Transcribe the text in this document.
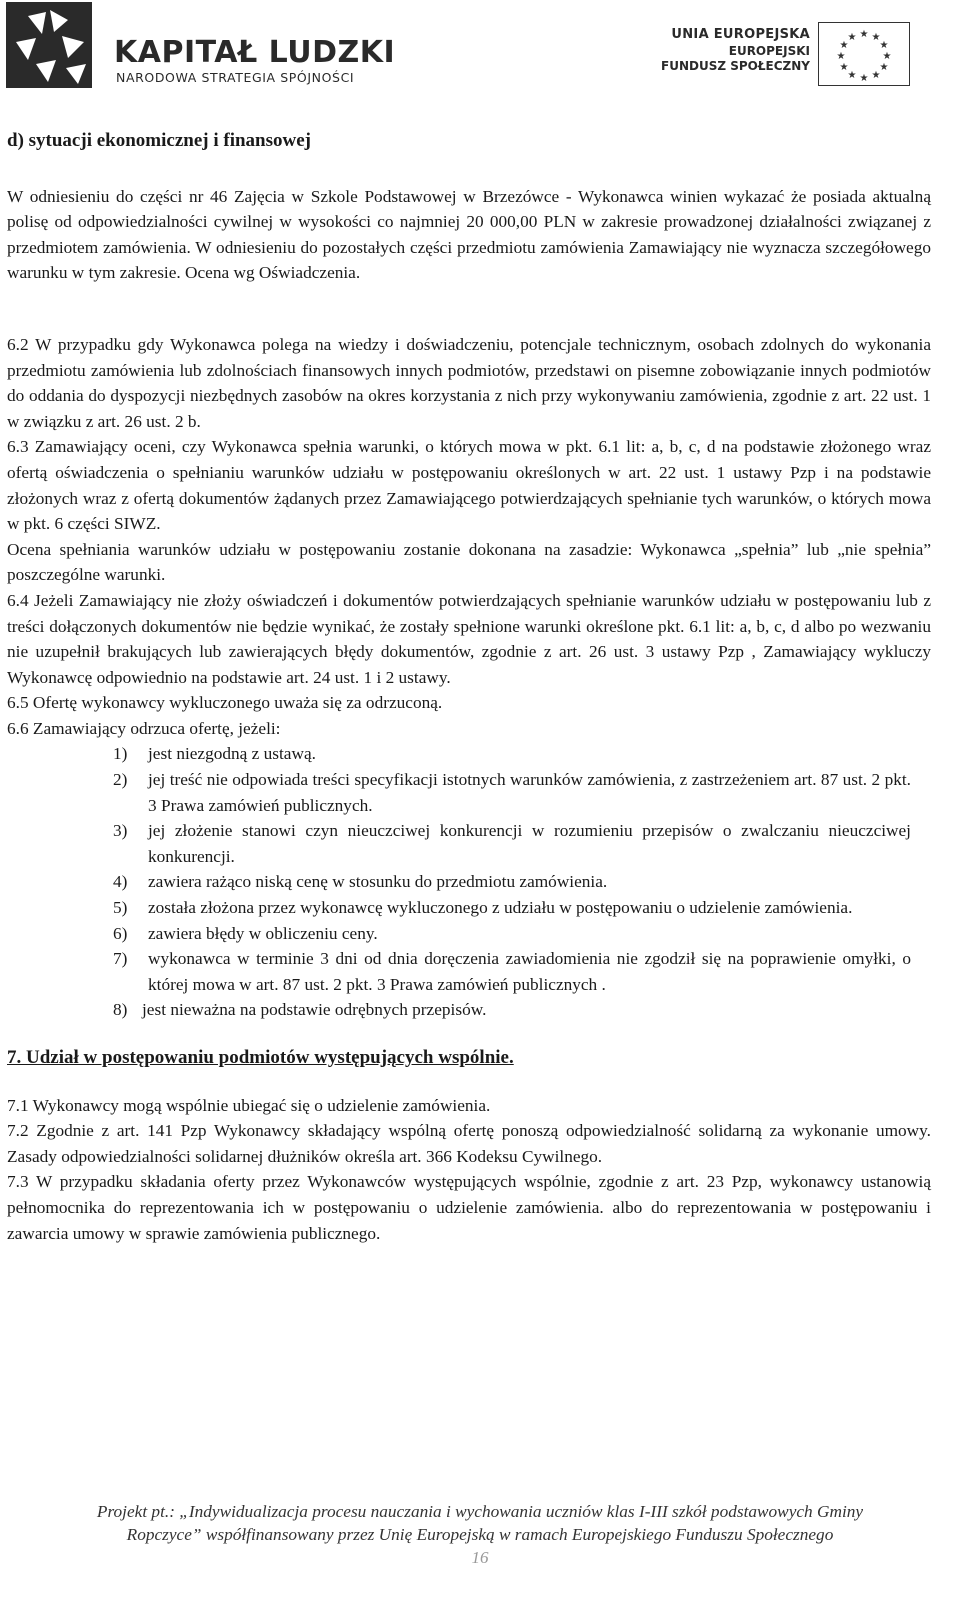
KAPITAŁ LUDZKI
NARODOWA STRATEGIA SPÓJNOŚCI
UNIA EUROPEJSKA
EUROPEJSKI
FUNDUSZ SPOŁECZNY
★ ★
★
★
★
★
★
★
★
★
★
★

d) sytuacji ekonomicznej i finansowej

W odniesieniu do części nr 46 Zajęcia w Szkole Podstawowej w Brzezówce - Wykonawca winien wykazać że posiada aktualną polisę od odpowiedzialności cywilnej w wysokości co najmniej 20 000,00 PLN w zakresie prowadzonej działalności związanej z przedmiotem zamówienia. W odniesieniu do pozostałych części przedmiotu zamówienia Zamawiający nie wyznacza szczegółowego warunku w tym zakresie. Ocena wg Oświadczenia.

6.2 W przypadku gdy Wykonawca polega na wiedzy i doświadczeniu, potencjale technicznym, osobach zdolnych do wykonania przedmiotu zamówienia lub zdolnościach finansowych innych podmiotów, przedstawi on pisemne zobowiązanie innych podmiotów do oddania do dyspozycji niezbędnych zasobów na okres korzystania z nich przy wykonywaniu zamówienia, zgodnie z art. 22 ust. 1 w związku z art. 26 ust. 2 b.

6.3 Zamawiający oceni, czy Wykonawca spełnia warunki, o których mowa w pkt. 6.1 lit: a, b, c, d na podstawie złożonego wraz ofertą oświadczenia o spełnianiu warunków udziału w postępowaniu określonych w art. 22 ust. 1 ustawy Pzp i na podstawie złożonych wraz z ofertą dokumentów żądanych przez Zamawiającego potwierdzających spełnianie tych warunków, o których mowa w pkt. 6 części SIWZ.

Ocena spełniania warunków udziału w postępowaniu zostanie dokonana na zasadzie: Wykonawca „spełnia” lub „nie spełnia” poszczególne warunki.

6.4 Jeżeli Zamawiający nie złoży oświadczeń i dokumentów potwierdzających spełnianie warunków udziału w postępowaniu lub z treści dołączonych dokumentów nie będzie wynikać, że zostały spełnione warunki określone pkt. 6.1 lit: a, b, c, d albo po wezwaniu nie uzupełnił brakujących lub zawierających błędy dokumentów, zgodnie z art. 26 ust. 3 ustawy Pzp , Zamawiający wykluczy Wykonawcę odpowiednio na podstawie art. 24 ust. 1 i 2 ustawy.

6.5 Ofertę wykonawcy wykluczonego uważa się za odrzuconą.

6.6 Zamawiający odrzuca ofertę, jeżeli:

1) jest niezgodną z ustawą.
2) jej treść nie odpowiada treści specyfikacji istotnych warunków zamówienia, z zastrzeżeniem art. 87 ust. 2 pkt. 3 Prawa zamówień publicznych.
3) jej złożenie stanowi czyn nieuczciwej konkurencji w rozumieniu przepisów o zwalczaniu nieuczciwej konkurencji.
4) zawiera rażąco niską cenę w stosunku do przedmiotu zamówienia.
5) została złożona przez wykonawcę wykluczonego z udziału w postępowaniu o udzielenie zamówienia.
6) zawiera błędy w obliczeniu ceny.
7) wykonawca w terminie 3 dni od dnia doręczenia zawiadomienia nie zgodził się na poprawienie omyłki, o której mowa w art. 87 ust. 2 pkt. 3 Prawa zamówień publicznych .
8) jest nieważna na podstawie odrębnych przepisów.

7. Udział w postępowaniu podmiotów występujących wspólnie.

7.1 Wykonawcy mogą wspólnie ubiegać się o udzielenie zamówienia.

7.2 Zgodnie z art. 141 Pzp Wykonawcy składający wspólną ofertę ponoszą odpowiedzialność solidarną za wykonanie umowy. Zasady odpowiedzialności solidarnej dłużników określa art. 366 Kodeksu Cywilnego.

7.3 W przypadku składania oferty przez Wykonawców występujących wspólnie, zgodnie z art. 23 Pzp, wykonawcy ustanowią pełnomocnika do reprezentowania ich w postępowaniu o udzielenie zamówienia. albo do reprezentowania w postępowaniu i zawarcia umowy w sprawie zamówienia publicznego.

Projekt pt.: „Indywidualizacja procesu nauczania i wychowania uczniów klas I-III szkół podstawowych Gminy
Ropczyce” współfinansowany przez Unię Europejską w ramach Europejskiego Funduszu Społecznego
16
